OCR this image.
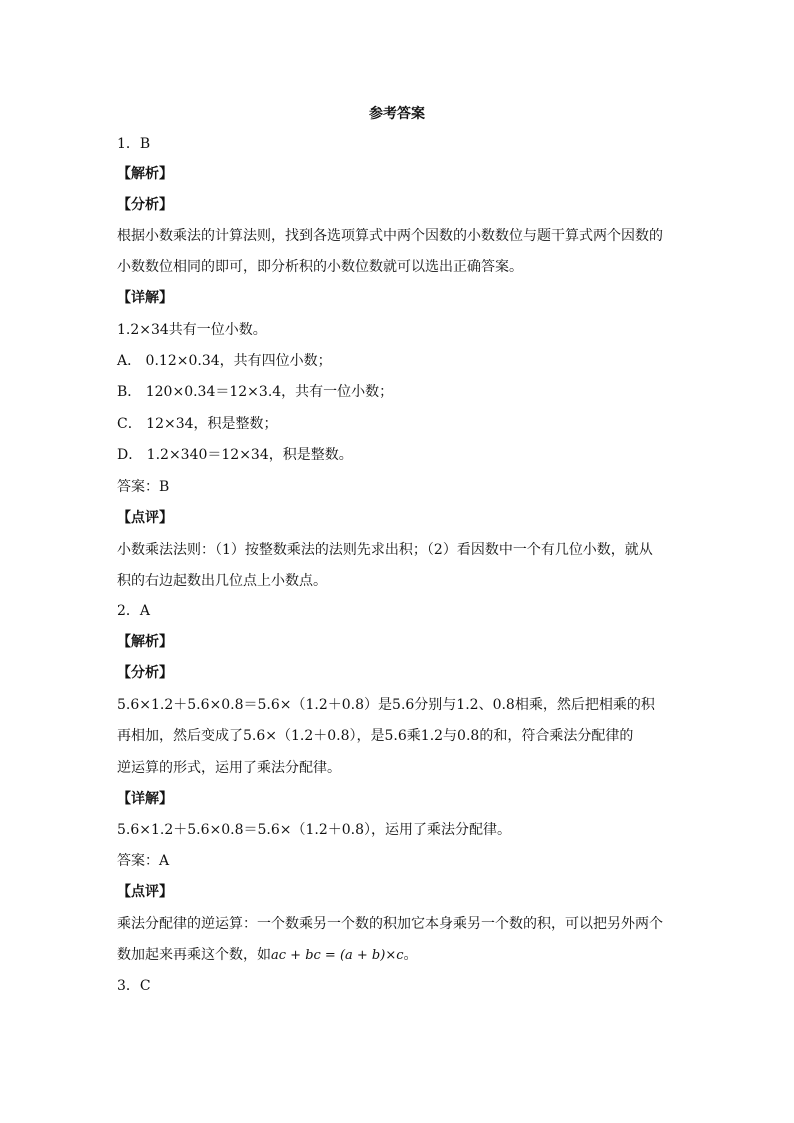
参考答案
1．B
【解析】
【分析】
根据小数乘法的计算法则，找到各选项算式中两个因数的小数数位与题干算式两个因数的
小数数位相同的即可，即分析积的小数位数就可以选出正确答案。
【详解】
1.2×34共有一位小数。
A． 0.12×0.34，共有四位小数；
B． 120×0.34＝12×3.4，共有一位小数；
C． 12×34，积是整数；
D． 1.2×340＝12×34，积是整数。
答案：B
【点评】
小数乘法法则：（1）按整数乘法的法则先求出积；（2）看因数中一个有几位小数，就从
积的右边起数出几位点上小数点。
2．A
【解析】
【分析】
5.6×1.2＋5.6×0.8＝5.6×（1.2＋0.8）是5.6分别与1.2、0.8相乘，然后把相乘的积
再相加，然后变成了5.6×（1.2＋0.8），是5.6乘1.2与0.8的和，符合乘法分配律的
逆运算的形式，运用了乘法分配律。
【详解】
5.6×1.2＋5.6×0.8＝5.6×（1.2＋0.8），运用了乘法分配律。
答案：A
【点评】
乘法分配律的逆运算：一个数乘另一个数的积加它本身乘另一个数的积，可以把另外两个
数加起来再乘这个数，如ac + bc = (a + b)×c。
3．C
